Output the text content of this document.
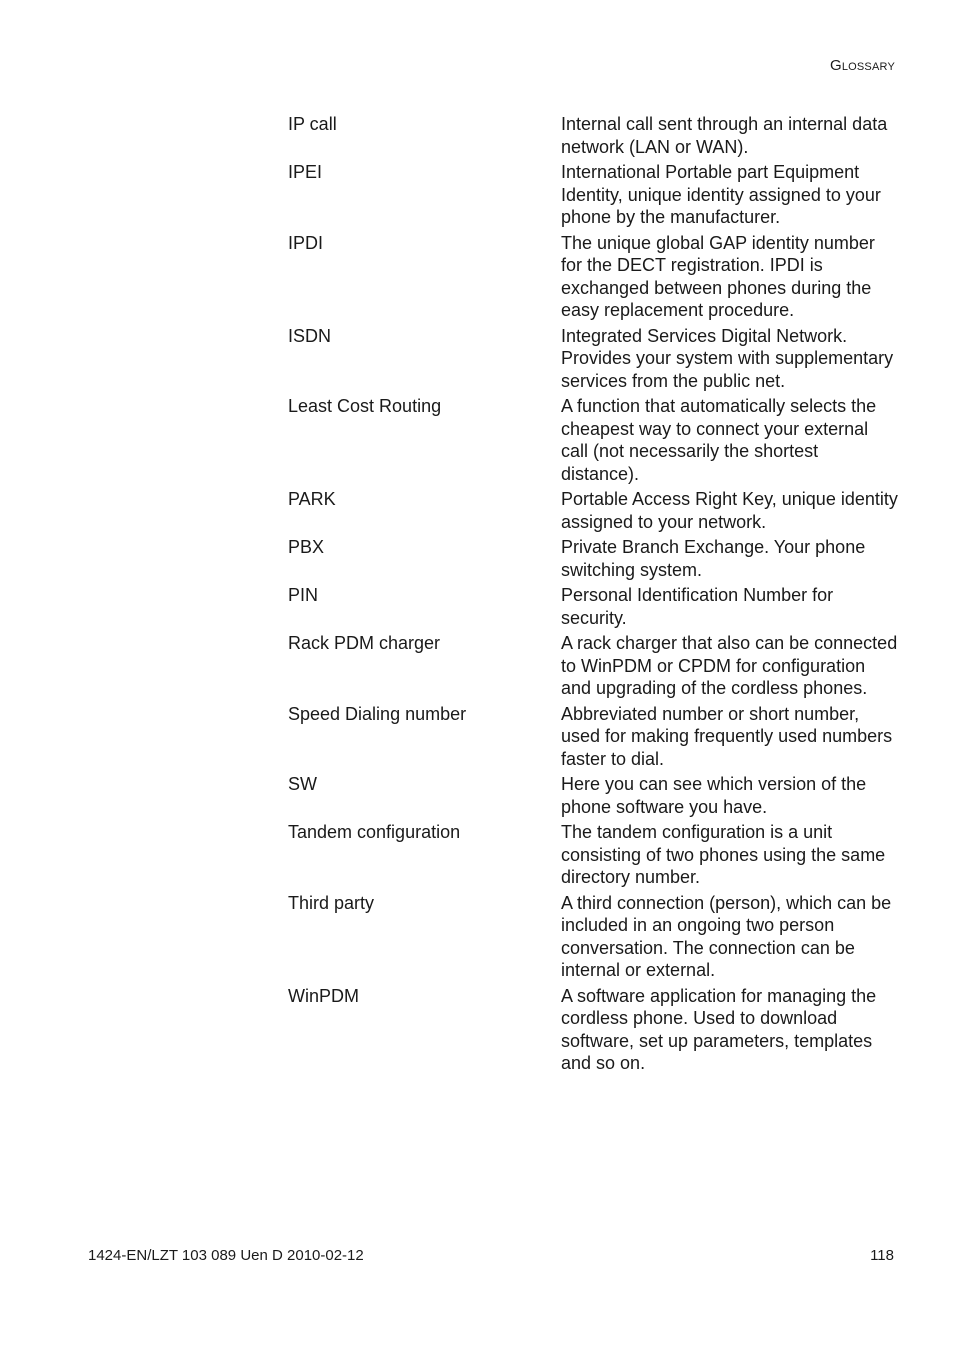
Glossary
IP call	Internal call sent through an internal data network (LAN or WAN).
IPEI	International Portable part Equipment Identity, unique identity assigned to your phone by the manufacturer.
IPDI	The unique global GAP identity number for the DECT registration. IPDI is exchanged between phones during the easy replacement procedure.
ISDN	Integrated Services Digital Network. Provides your system with supplementary services from the public net.
Least Cost Routing	A function that automatically selects the cheapest way to connect your external call (not necessarily the shortest distance).
PARK	Portable Access Right Key, unique identity assigned to your network.
PBX	Private Branch Exchange. Your phone switching system.
PIN	Personal Identification Number for security.
Rack PDM charger	A rack charger that also can be connected to WinPDM or CPDM for configuration and upgrading of the cordless phones.
Speed Dialing number	Abbreviated number or short number, used for making frequently used numbers faster to dial.
SW	Here you can see which version of the phone software you have.
Tandem configuration	The tandem configuration is a unit consisting of two phones using the same directory number.
Third party	A third connection (person), which can be included in an ongoing two person conversation. The connection can be internal or external.
WinPDM	A software application for managing the cordless phone. Used to download software, set up parameters, templates and so on.
1424-EN/LZT 103 089 Uen D 2010-02-12	118
